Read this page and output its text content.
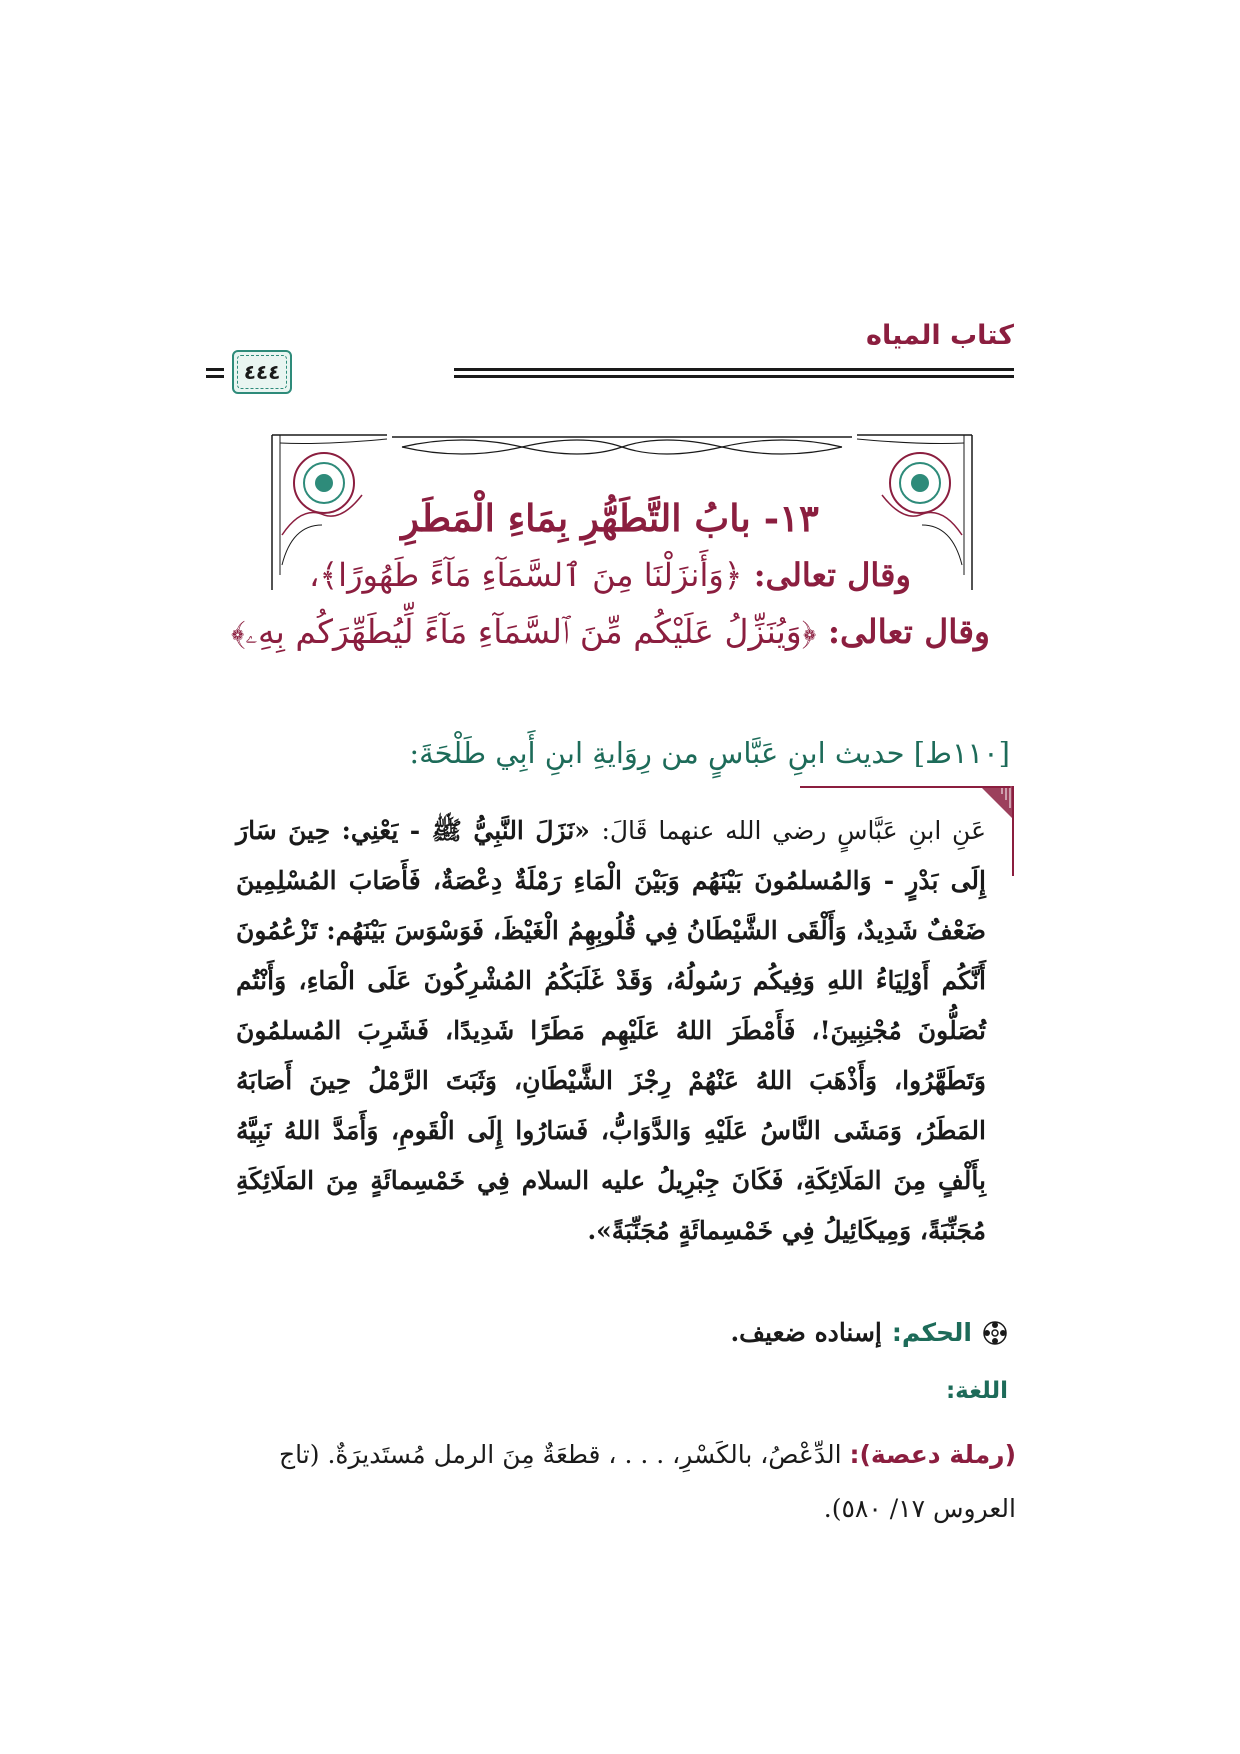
كتاب المياه
٤٤٤
١٣- بابُ التَّطَهُّرِ بِمَاءِ الْمَطَرِ
وقال تعالى: ﴿وَأَنزَلْنَا مِنَ ٱلسَّمَآءِ مَآءً طَهُورًا﴾،
وقال تعالى: ﴿وَيُنَزِّلُ عَلَيْكُم مِّنَ ٱلسَّمَآءِ مَآءً لِّيُطَهِّرَكُم بِهِۦ﴾
[١١٠ط] حديث ابنِ عَبَّاسٍ من رِوَايةِ ابنِ أَبِي طَلْحَةَ:
عَنِ ابنِ عَبَّاسٍ رضي الله عنهما قَالَ: «نَزَلَ النَّبِيُّ ﷺ - يَعْنِي: حِينَ سَارَ إِلَى بَدْرٍ - وَالمُسلمُونَ بَيْنَهُم وَبَيْنَ الْمَاءِ رَمْلَةٌ دِعْصَةٌ، فَأَصَابَ المُسْلِمِينَ ضَعْفٌ شَدِيدٌ، وَأَلْقَى الشَّيْطَانُ فِي قُلُوبِهِمُ الْغَيْظَ، فَوَسْوَسَ بَيْنَهُم: تَزْعُمُونَ أَنَّكُم أَوْلِيَاءُ اللهِ وَفِيكُم رَسُولُهُ، وَقَدْ غَلَبَكُمُ المُشْرِكُونَ عَلَى الْمَاءِ، وَأَنْتُم تُصَلُّونَ مُجْنِبِينَ!، فَأَمْطَرَ اللهُ عَلَيْهِم مَطَرًا شَدِيدًا، فَشَرِبَ المُسلمُونَ وَتَطَهَّرُوا، وَأَذْهَبَ اللهُ عَنْهُمْ رِجْزَ الشَّيْطَانِ، وَثَبَتَ الرَّمْلُ حِينَ أَصَابَهُ المَطَرُ، وَمَشَى النَّاسُ عَلَيْهِ وَالدَّوَابُّ، فَسَارُوا إِلَى الْقَومِ، وَأَمَدَّ اللهُ نَبِيَّهُ بِأَلْفٍ مِنَ المَلَائِكَةِ، فَكَانَ جِبْرِيلُ عليه السلام فِي خَمْسِمائَةٍ مِنَ المَلَائِكَةِ مُجَنِّبَةً، وَمِيكَائِيلُ فِي خَمْسِمائَةٍ مُجَنِّبَةً».
الحكم:
إسناده ضعيف.
اللغة:
(رملة دعصة): الدِّعْصُ، بالكَسْرِ، . . . ، قطعَةٌ مِنَ الرمل مُستَديرَةٌ. (تاج العروس ١٧/ ٥٨٠).
